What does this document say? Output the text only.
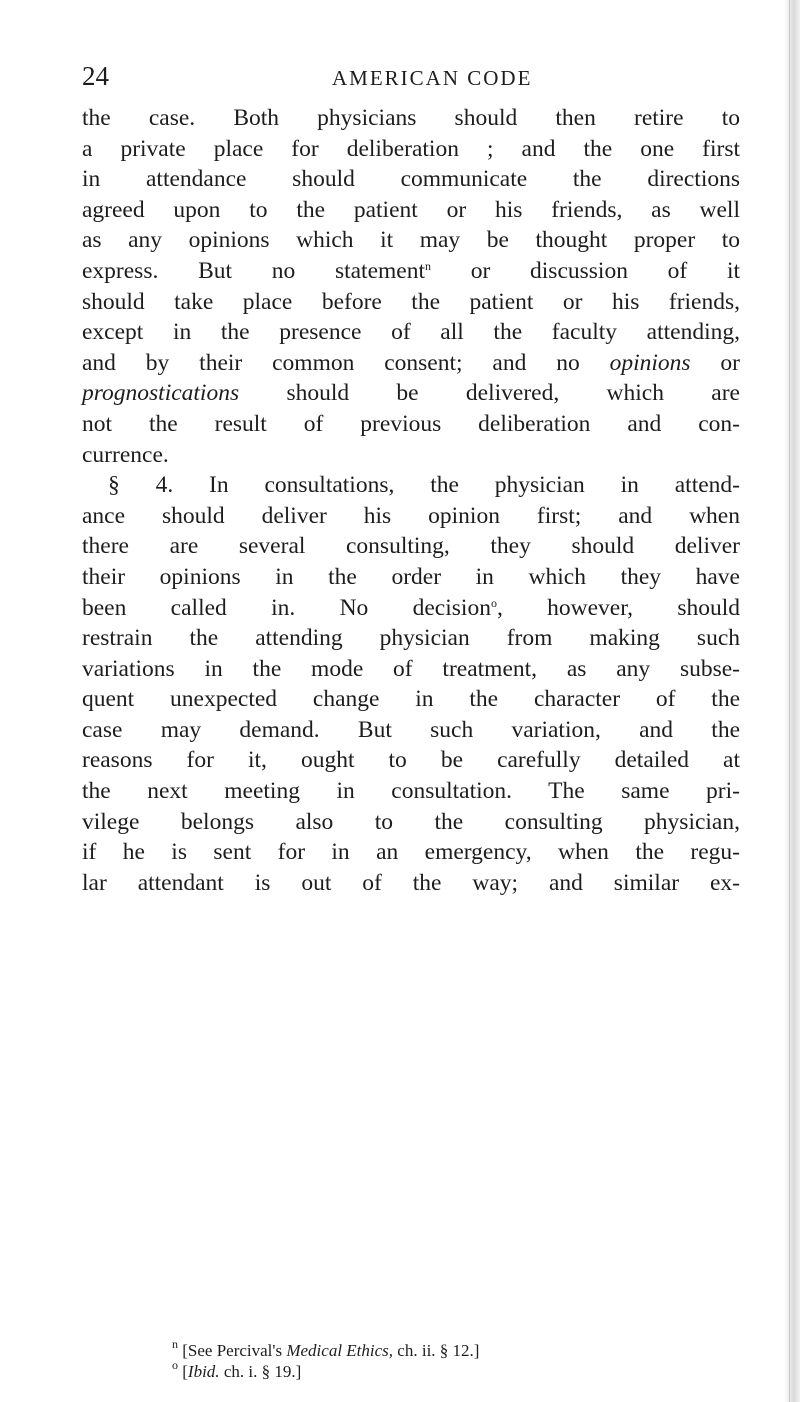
24	AMERICAN CODE
the case. Both physicians should then retire to
a private place for deliberation ; and the one first
in attendance should communicate the directions
agreed upon to the patient or his friends, as well
as any opinions which it may be thought proper to
express. But no statement$^n$ or discussion of it
should take place before the patient or his friends,
except in the presence of all the faculty attending,
and by their common consent; and no opinions or
prognostications should be delivered, which are
not the result of previous deliberation and con-
currence.
§ 4. In consultations, the physician in attend-
ance should deliver his opinion first; and when
there are several consulting, they should deliver
their opinions in the order in which they have
been called in. No decision$^o$, however, should
restrain the attending physician from making such
variations in the mode of treatment, as any subse-
quent unexpected change in the character of the
case may demand. But such variation, and the
reasons for it, ought to be carefully detailed at
the next meeting in consultation. The same pri-
vilege belongs also to the consulting physician,
if he is sent for in an emergency, when the regu-
lar attendant is out of the way; and similar ex-
$^n$ [See Percival's Medical Ethics, ch. ii. § 12.]
$^o$ [Ibid. ch. i. § 19.]
